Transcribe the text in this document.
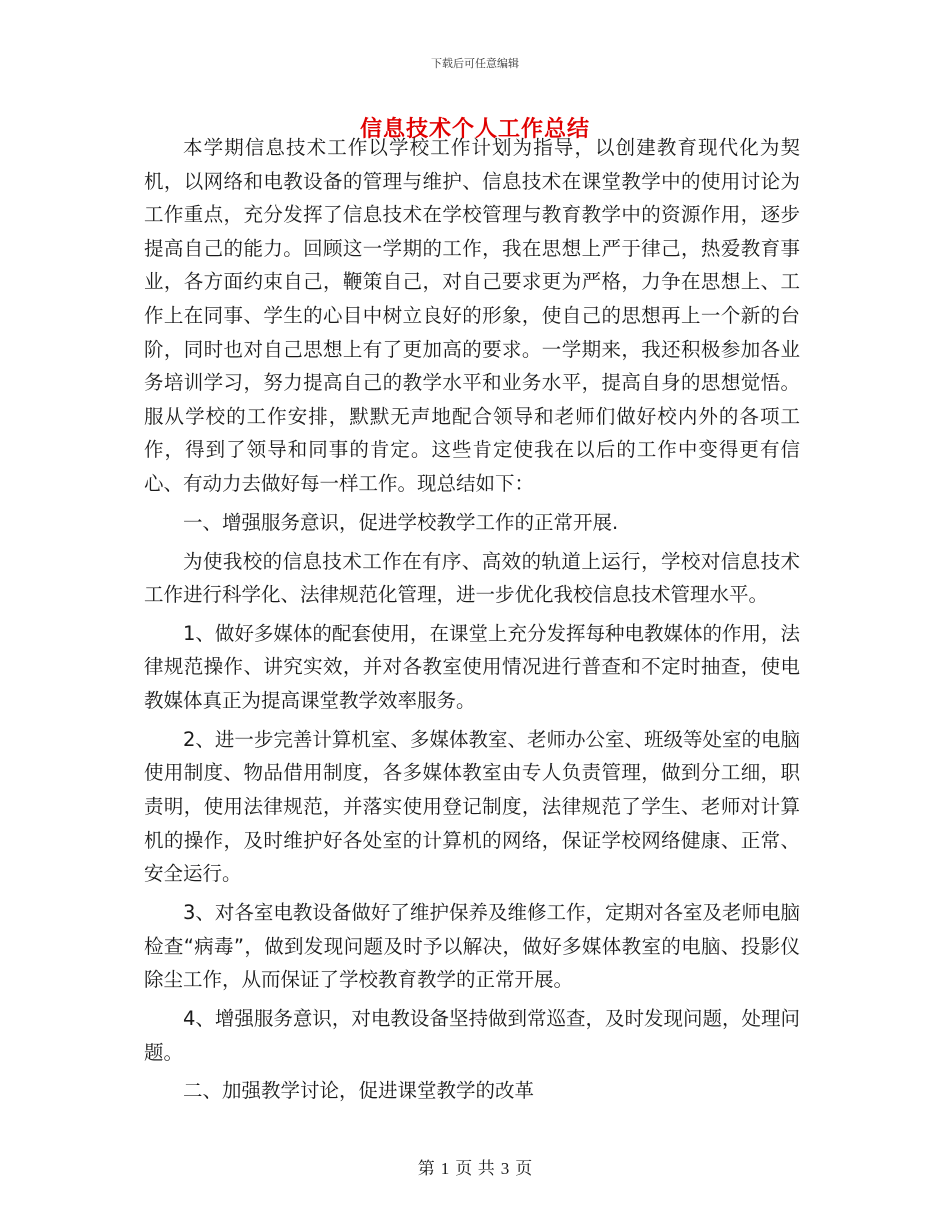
下载后可任意编辑
信息技术个人工作总结

本学期信息技术工作以学校工作计划为指导，以创建教育现代化为契机，以网络和电教设备的管理与维护、信息技术在课堂教学中的使用讨论为工作重点，充分发挥了信息技术在学校管理与教育教学中的资源作用，逐步提高自己的能力。回顾这一学期的工作，我在思想上严于律己，热爱教育事业，各方面约束自己，鞭策自己，对自己要求更为严格，力争在思想上、工作上在同事、学生的心目中树立良好的形象，使自己的思想再上一个新的台阶，同时也对自己思想上有了更加高的要求。一学期来，我还积极参加各业务培训学习，努力提高自己的教学水平和业务水平，提高自身的思想觉悟。服从学校的工作安排，默默无声地配合领导和老师们做好校内外的各项工作，得到了领导和同事的肯定。这些肯定使我在以后的工作中变得更有信心、有动力去做好每一样工作。现总结如下：

一、增强服务意识，促进学校教学工作的正常开展.

为使我校的信息技术工作在有序、高效的轨道上运行，学校对信息技术工作进行科学化、法律规范化管理，进一步优化我校信息技术管理水平。

1、做好多媒体的配套使用，在课堂上充分发挥每种电教媒体的作用，法律规范操作、讲究实效，并对各教室使用情况进行普查和不定时抽查，使电教媒体真正为提高课堂教学效率服务。

2、进一步完善计算机室、多媒体教室、老师办公室、班级等处室的电脑使用制度、物品借用制度，各多媒体教室由专人负责管理，做到分工细，职责明，使用法律规范，并落实使用登记制度，法律规范了学生、老师对计算机的操作，及时维护好各处室的计算机的网络，保证学校网络健康、正常、安全运行。

3、对各室电教设备做好了维护保养及维修工作，定期对各室及老师电脑检查“病毒”，做到发现问题及时予以解决，做好多媒体教室的电脑、投影仪除尘工作，从而保证了学校教育教学的正常开展。

4、增强服务意识，对电教设备坚持做到常巡查，及时发现问题，处理问题。

二、加强教学讨论，促进课堂教学的改革

第 1 页 共 3 页
